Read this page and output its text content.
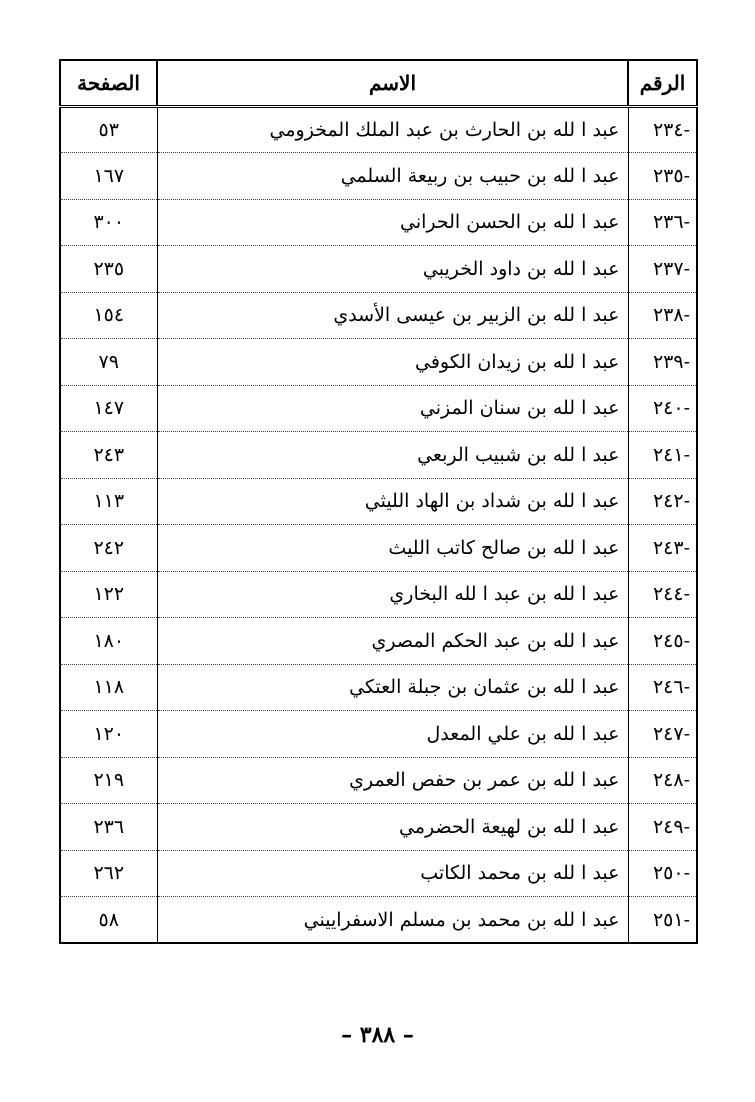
الرقم	الاسم	الصفحة
-٢٣٤	عبد ا لله بن الحارث بن عبد الملك المخزومي	٥٣
-٢٣٥	عبد ا لله بن حبيب بن ربيعة السلمي	١٦٧
-٢٣٦	عبد ا لله بن الحسن الحراني	٣٠٠
-٢٣٧	عبد ا لله بن داود الخريبي	٢٣٥
-٢٣٨	عبد ا لله بن الزبير بن عيسى الأسدي	١٥٤
-٢٣٩	عبد ا لله بن زيدان الكوفي	٧٩
-٢٤٠	عبد ا لله بن سنان المزني	١٤٧
-٢٤١	عبد ا لله بن شبيب الربعي	٢٤٣
-٢٤٢	عبد ا لله بن شداد بن الهاد الليثي	١١٣
-٢٤٣	عبد ا لله بن صالح كاتب الليث	٢٤٢
-٢٤٤	عبد ا لله بن عبد ا لله البخاري	١٢٢
-٢٤٥	عبد ا لله بن عبد الحكم المصري	١٨٠
-٢٤٦	عبد ا لله بن عثمان بن جبلة العتكي	١١٨
-٢٤٧	عبد ا لله بن علي المعدل	١٢٠
-٢٤٨	عبد ا لله بن عمر بن حفص العمري	٢١٩
-٢٤٩	عبد ا لله بن لهيعة الحضرمي	٢٣٦
-٢٥٠	عبد ا لله بن محمد الكاتب	٢٦٢
-٢٥١	عبد ا لله بن محمد بن مسلم الاسفراييني	٥٨
– ٣٨٨ –
